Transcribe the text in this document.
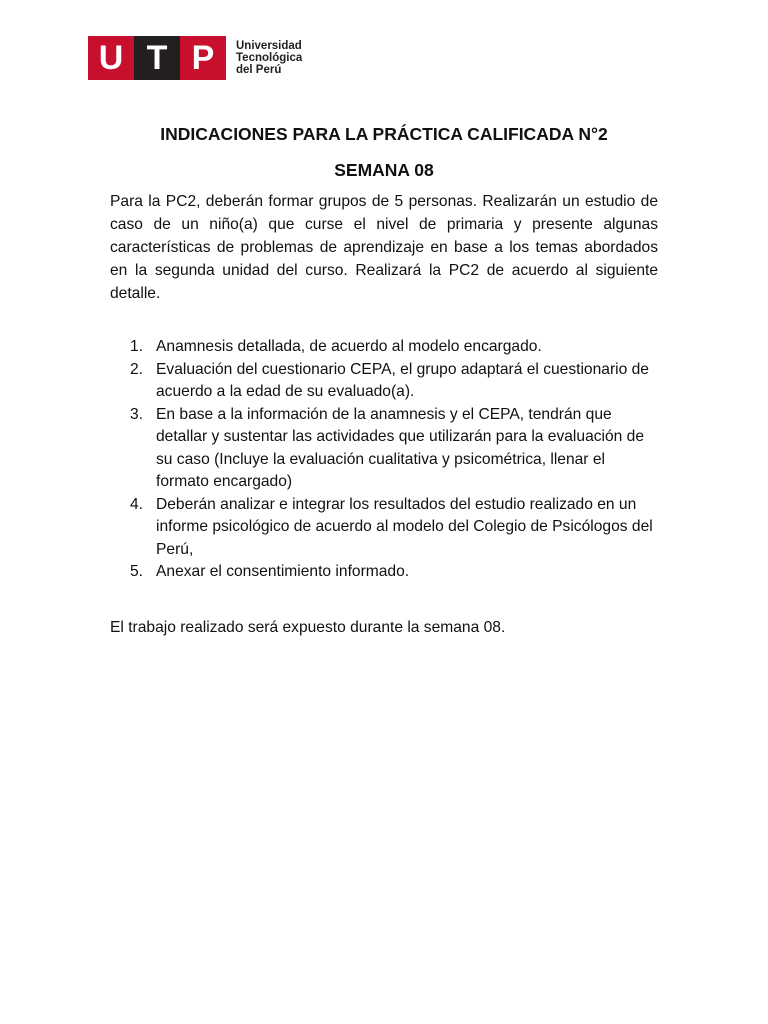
U T P	Universidad
Tecnológica
del Perú
INDICACIONES PARA LA PRÁCTICA CALIFICADA N°2
SEMANA 08

Para la PC2, deberán formar grupos de 5 personas. Realizarán un estudio de caso de un niño(a) que curse el nivel de primaria y presente algunas características de problemas de aprendizaje en base a los temas abordados en la segunda unidad del curso. Realizará la PC2 de acuerdo al siguiente detalle.

1. Anamnesis detallada, de acuerdo al modelo encargado.
2. Evaluación del cuestionario CEPA, el grupo adaptará el cuestionario de acuerdo a la edad de su evaluado(a).
3. En base a la información de la anamnesis y el CEPA, tendrán que detallar y sustentar las actividades que utilizarán para la evaluación de su caso (Incluye la evaluación cualitativa y psicométrica, llenar el formato encargado)
4. Deberán analizar e integrar los resultados del estudio realizado en un informe psicológico de acuerdo al modelo del Colegio de Psicólogos del Perú,
5. Anexar el consentimiento informado.

El trabajo realizado será expuesto durante la semana 08.
